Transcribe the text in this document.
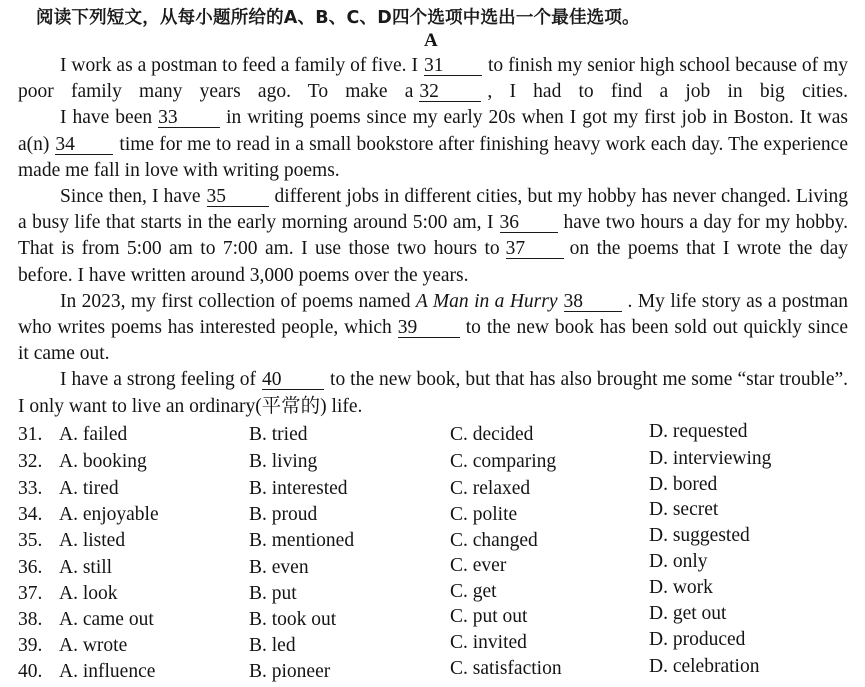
阅读下列短文，从每小题所给的A、B、C、D四个选项中选出一个最佳选项。
A

I work as a postman to feed a family of five. I 31 to finish my senior high school because of my poor family many years ago. To make a 32 , I had to find a job in big cities.

I have been 33 in writing poems since my early 20s when I got my first job in Boston. It was a(n) 34 time for me to read in a small bookstore after finishing heavy work each day. The experience made me fall in love with writing poems.

Since then, I have 35 different jobs in different cities, but my hobby has never changed. Living a busy life that starts in the early morning around 5:00 am, I 36 have two hours a day for my hobby. That is from 5:00 am to 7:00 am. I use those two hours to 37 on the poems that I wrote the day before. I have written around 3,000 poems over the years.

In 2023, my first collection of poems named A Man in a Hurry 38 . My life story as a postman who writes poems has interested people, which 39 to the new book has been sold out quickly since it came out.

I have a strong feeling of 40 to the new book, but that has also brought me some “star trouble”. I only want to live an ordinary(平常的) life.

31. A. failed	B. tried	C. decided	D. requested
32. A. booking	B. living	C. comparing	D. interviewing
33. A. tired	B. interested	C. relaxed	D. bored
34. A. enjoyable	B. proud	C. polite	D. secret
35. A. listed	B. mentioned	C. changed	D. suggested
36. A. still	B. even	C. ever	D. only
37. A. look	B. put	C. get	D. work
38. A. came out	B. took out	C. put out	D. get out
39. A. wrote	B. led	C. invited	D. produced
40. A. influence	B. pioneer	C. satisfaction	D. celebration
